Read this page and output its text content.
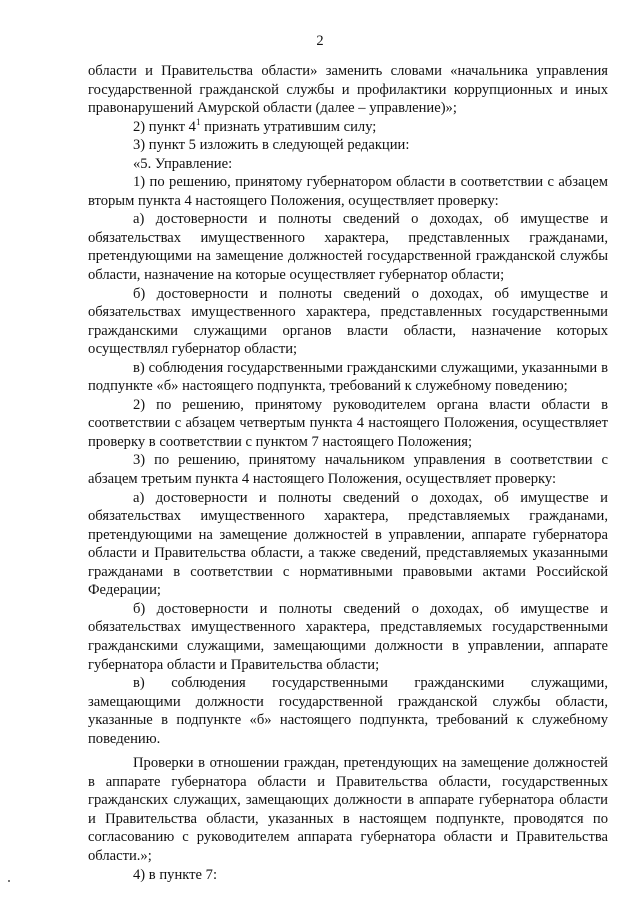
2

области и Правительства области» заменить словами «начальника управления государственной гражданской службы и профилактики коррупционных и иных правонарушений Амурской области (далее – управление)»;

2) пункт $4^1$ признать утратившим силу;

3) пункт 5 изложить в следующей редакции:

«5. Управление:

1) по решению, принятому губернатором области в соответствии с абзацем вторым пункта 4 настоящего Положения, осуществляет проверку:

а) достоверности и полноты сведений о доходах, об имуществе и обязательствах имущественного характера, представленных гражданами, претендующими на замещение должностей государственной гражданской службы области, назначение на которые осуществляет губернатор области;

б) достоверности и полноты сведений о доходах, об имуществе и обязательствах имущественного характера, представленных государственными гражданскими служащими органов власти области, назначение которых осуществлял губернатор области;

в) соблюдения государственными гражданскими служащими, указанными в подпункте «б» настоящего подпункта, требований к служебному поведению;

2) по решению, принятому руководителем органа власти области в соответствии с абзацем четвертым пункта 4 настоящего Положения, осуществляет проверку в соответствии с пунктом 7 настоящего Положения;

3) по решению, принятому начальником управления в соответствии с абзацем третьим пункта 4 настоящего Положения, осуществляет проверку:

а) достоверности и полноты сведений о доходах, об имуществе и обязательствах имущественного характера, представляемых гражданами, претендующими на замещение должностей в управлении, аппарате губернатора области и Правительства области, а также сведений, представляемых указанными гражданами в соответствии с нормативными правовыми актами Российской Федерации;

б) достоверности и полноты сведений о доходах, об имуществе и обязательствах имущественного характера, представляемых государственными гражданскими служащими, замещающими должности в управлении, аппарате губернатора области и Правительства области;

в) соблюдения государственными гражданскими служащими, замещающими должности государственной гражданской службы области, указанные в подпункте «б» настоящего подпункта, требований к служебному поведению.

Проверки в отношении граждан, претендующих на замещение должностей в аппарате губернатора области и Правительства области, государственных гражданских служащих, замещающих должности в аппарате губернатора области и Правительства области, указанных в настоящем подпункте, проводятся по согласованию с руководителем аппарата губернатора области и Правительства области.»;

4) в пункте 7:
